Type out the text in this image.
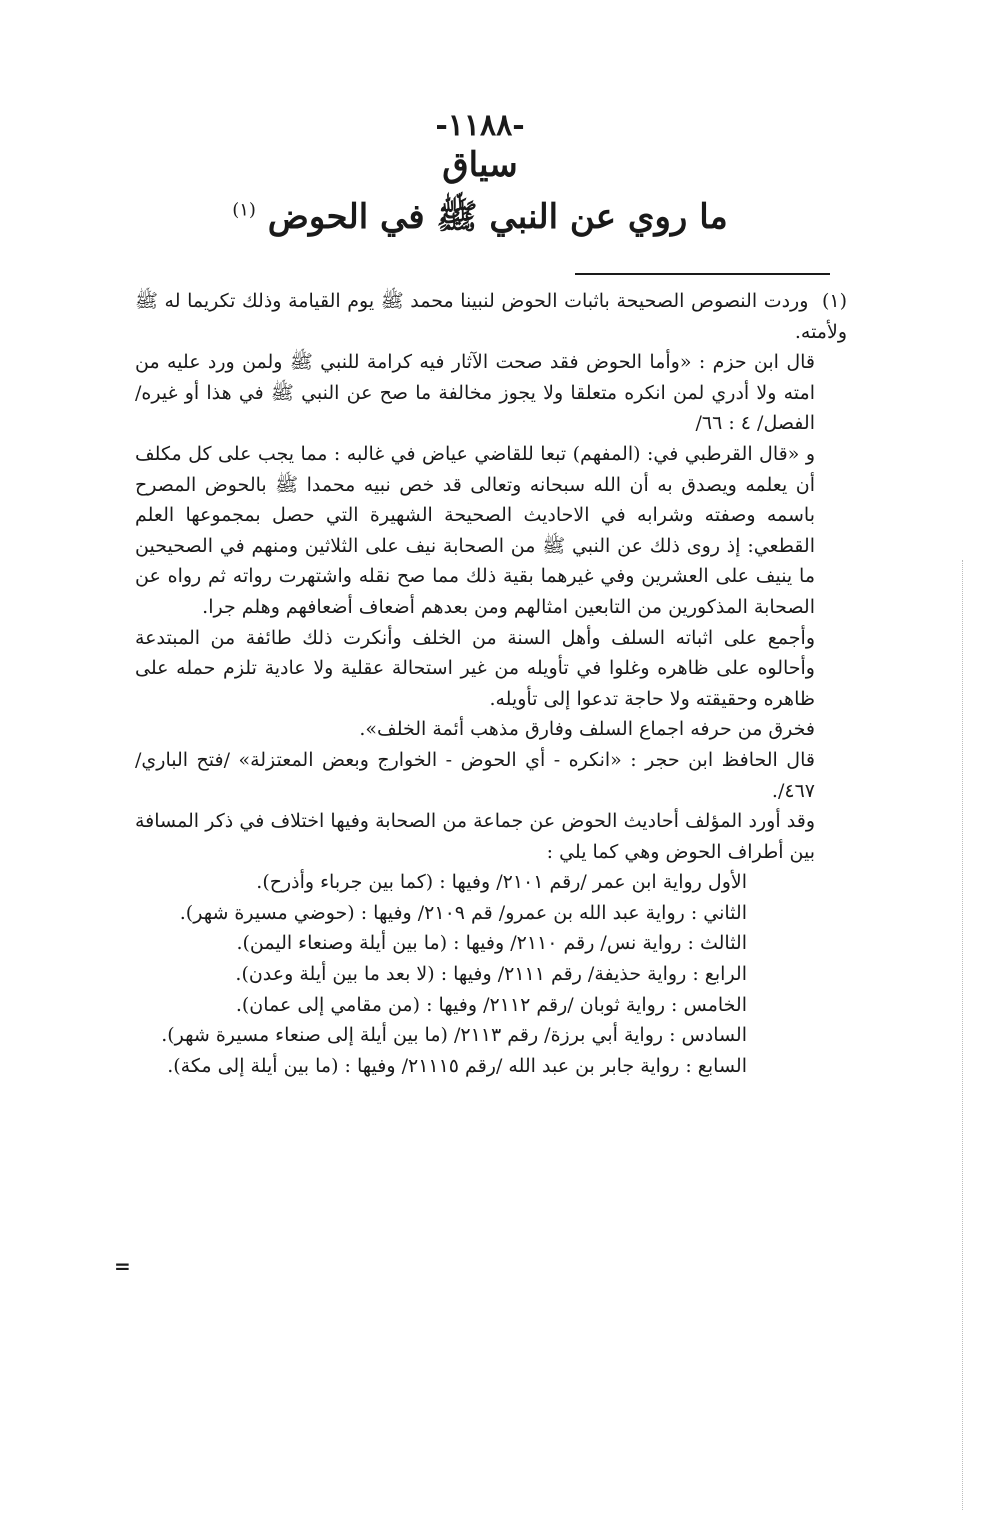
-١١٨٨-
سياق
ما روي عن النبي ﷺ في الحوض $^{(١)}$

(١) وردت النصوص الصحيحة باثبات الحوض لنبينا محمد ﷺ يوم القيامة وذلك تكريما له ﷺ ولأمته.

قال ابن حزم : «وأما الحوض فقد صحت الآثار فيه كرامة للنبي ﷺ ولمن ورد عليه من امته ولا أدري لمن انكره متعلقا ولا يجوز مخالفة ما صح عن النبي ﷺ في هذا أو غيره/ الفصل/ ٤ : ٦٦/

و «قال القرطبي في: (المفهم) تبعا للقاضي عياض في غالبه : مما يجب على كل مكلف أن يعلمه ويصدق به أن الله سبحانه وتعالى قد خص نبيه محمدا ﷺ بالحوض المصرح باسمه وصفته وشرابه في الاحاديث الصحيحة الشهيرة التي حصل بمجموعها العلم القطعي: إذ روى ذلك عن النبي ﷺ من الصحابة نيف على الثلاثين ومنهم في الصحيحين ما ينيف على العشرين وفي غيرهما بقية ذلك مما صح نقله واشتهرت رواته ثم رواه عن الصحابة المذكورين من التابعين امثالهم ومن بعدهم أضعاف أضعافهم وهلم جرا.

وأجمع على اثباته السلف وأهل السنة من الخلف وأنكرت ذلك طائفة من المبتدعة وأحالوه على ظاهره وغلوا في تأويله من غير استحالة عقلية ولا عادية تلزم حمله على ظاهره وحقيقته ولا حاجة تدعوا إلى تأويله.

فخرق من حرفه اجماع السلف وفارق مذهب أئمة الخلف».

قال الحافظ ابن حجر : «انكره - أي الحوض - الخوارج وبعض المعتزلة» /فتح الباري/٤٦٧/.

وقد أورد المؤلف أحاديث الحوض عن جماعة من الصحابة وفيها اختلاف في ذكر المسافة بين أطراف الحوض وهي كما يلي :

الأول رواية ابن عمر /رقم ٢١٠١/ وفيها : (كما بين جرباء وأذرح).

الثاني : رواية عبد الله بن عمرو/ قم ٢١٠٩/ وفيها : (حوضي مسيرة شهر).

الثالث : رواية نس/ رقم ٢١١٠/ وفيها : (ما بين أيلة وصنعاء اليمن).

الرابع : رواية حذيفة/ رقم ٢١١١/ وفيها : (لا بعد ما بين أيلة وعدن).

الخامس : رواية ثوبان /رقم ٢١١٢/ وفيها : (من مقامي إلى عمان).

السادس : رواية أبي برزة/ رقم ٢١١٣/ (ما بين أيلة إلى صنعاء مسيرة شهر).

السابع : رواية جابر بن عبد الله /رقم ٢١١١٥/ وفيها : (ما بين أيلة إلى مكة).

=
